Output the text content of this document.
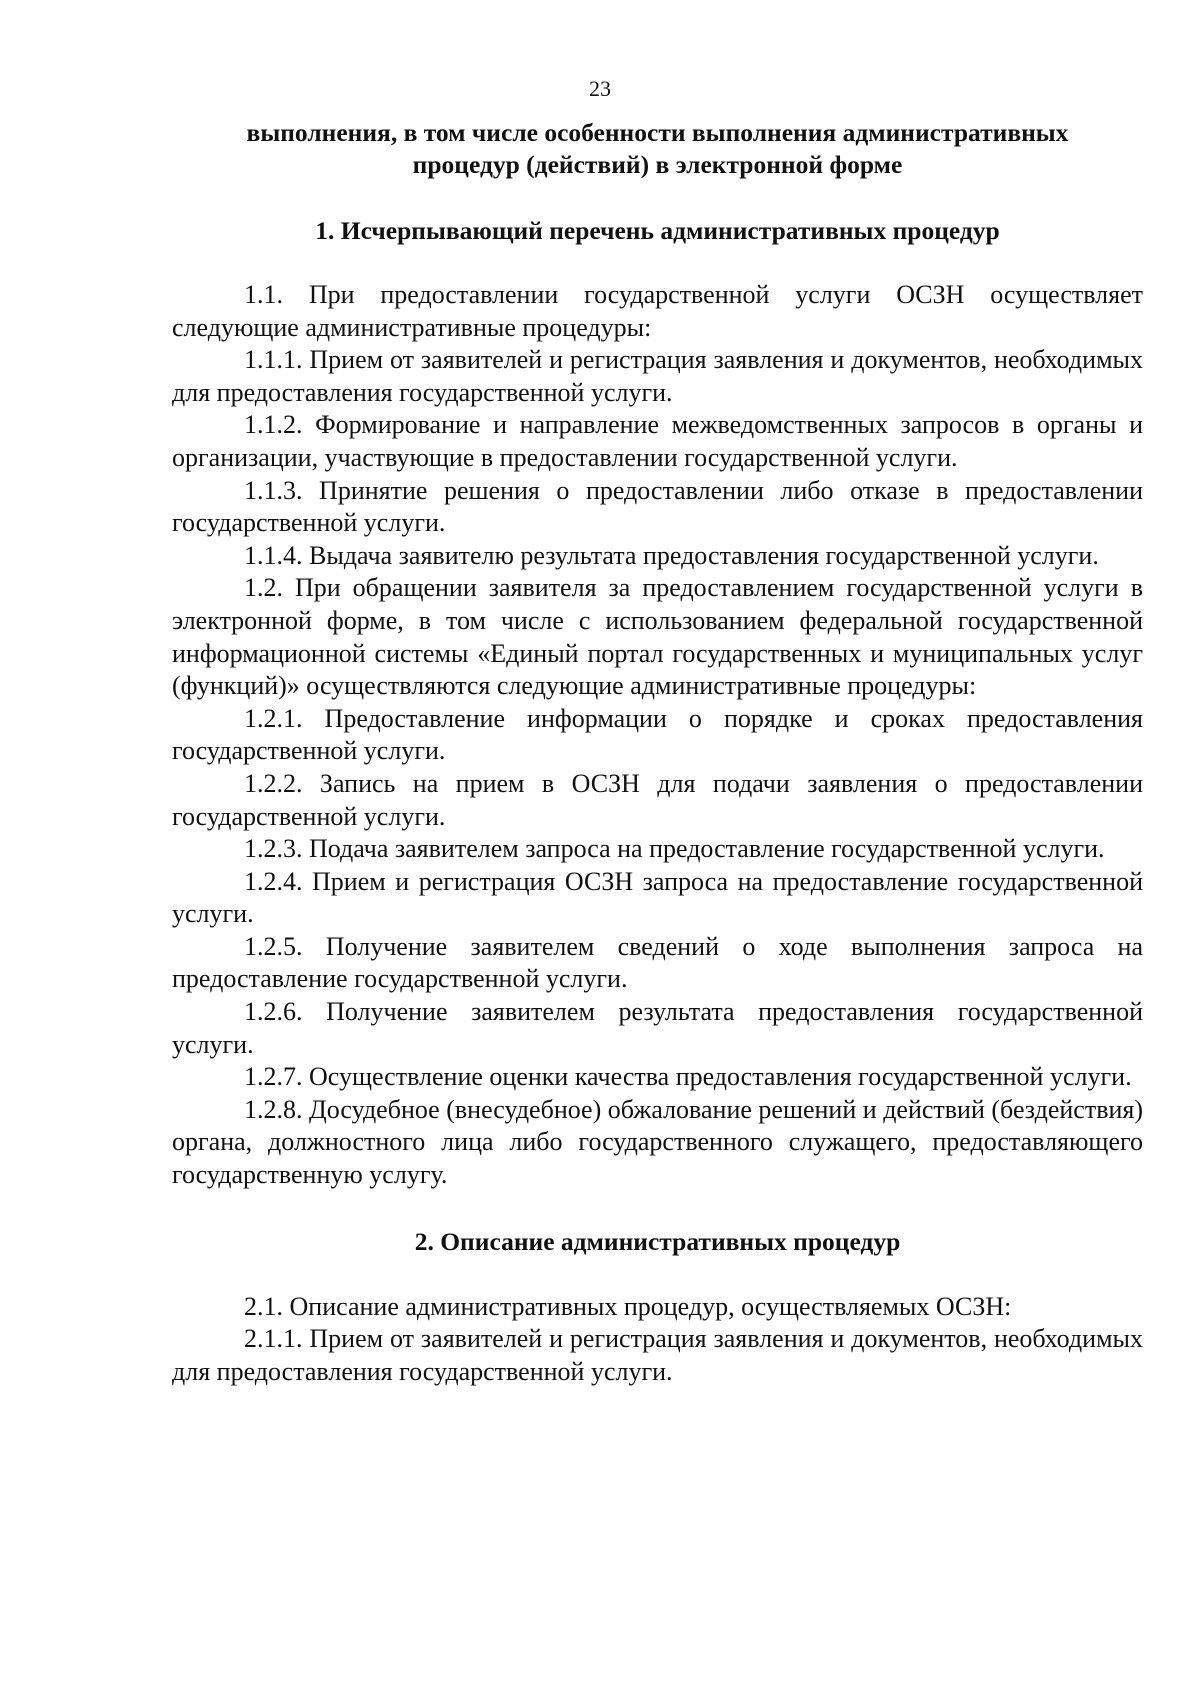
23
выполнения, в том числе особенности выполнения административных
процедур (действий) в электронной форме
1. Исчерпывающий перечень административных процедур

1.1. При предоставлении государственной услуги ОСЗН осуществляет следующие административные процедуры:

1.1.1. Прием от заявителей и регистрация заявления и документов, необходимых для предоставления государственной услуги.

1.1.2. Формирование и направление межведомственных запросов в органы и организации, участвующие в предоставлении государственной услуги.

1.1.3. Принятие решения о предоставлении либо отказе в предоставлении государственной услуги.

1.1.4. Выдача заявителю результата предоставления государственной услуги.

1.2. При обращении заявителя за предоставлением государственной услуги в электронной форме, в том числе с использованием федеральной государственной информационной системы «Единый портал государственных и муниципальных услуг (функций)» осуществляются следующие административные процедуры:

1.2.1. Предоставление информации о порядке и сроках предоставления государственной услуги.

1.2.2. Запись на прием в ОСЗН для подачи заявления о предоставлении государственной услуги.

1.2.3. Подача заявителем запроса на предоставление государственной услуги.

1.2.4. Прием и регистрация ОСЗН запроса на предоставление государственной услуги.

1.2.5. Получение заявителем сведений о ходе выполнения запроса на предоставление государственной услуги.

1.2.6. Получение заявителем результата предоставления государственной услуги.

1.2.7. Осуществление оценки качества предоставления государственной услуги.

1.2.8. Досудебное (внесудебное) обжалование решений и действий (бездействия) органа, должностного лица либо государственного служащего, предоставляющего государственную услугу.

2. Описание административных процедур

2.1. Описание административных процедур, осуществляемых ОСЗН:

2.1.1. Прием от заявителей и регистрация заявления и документов, необходимых для предоставления государственной услуги.
